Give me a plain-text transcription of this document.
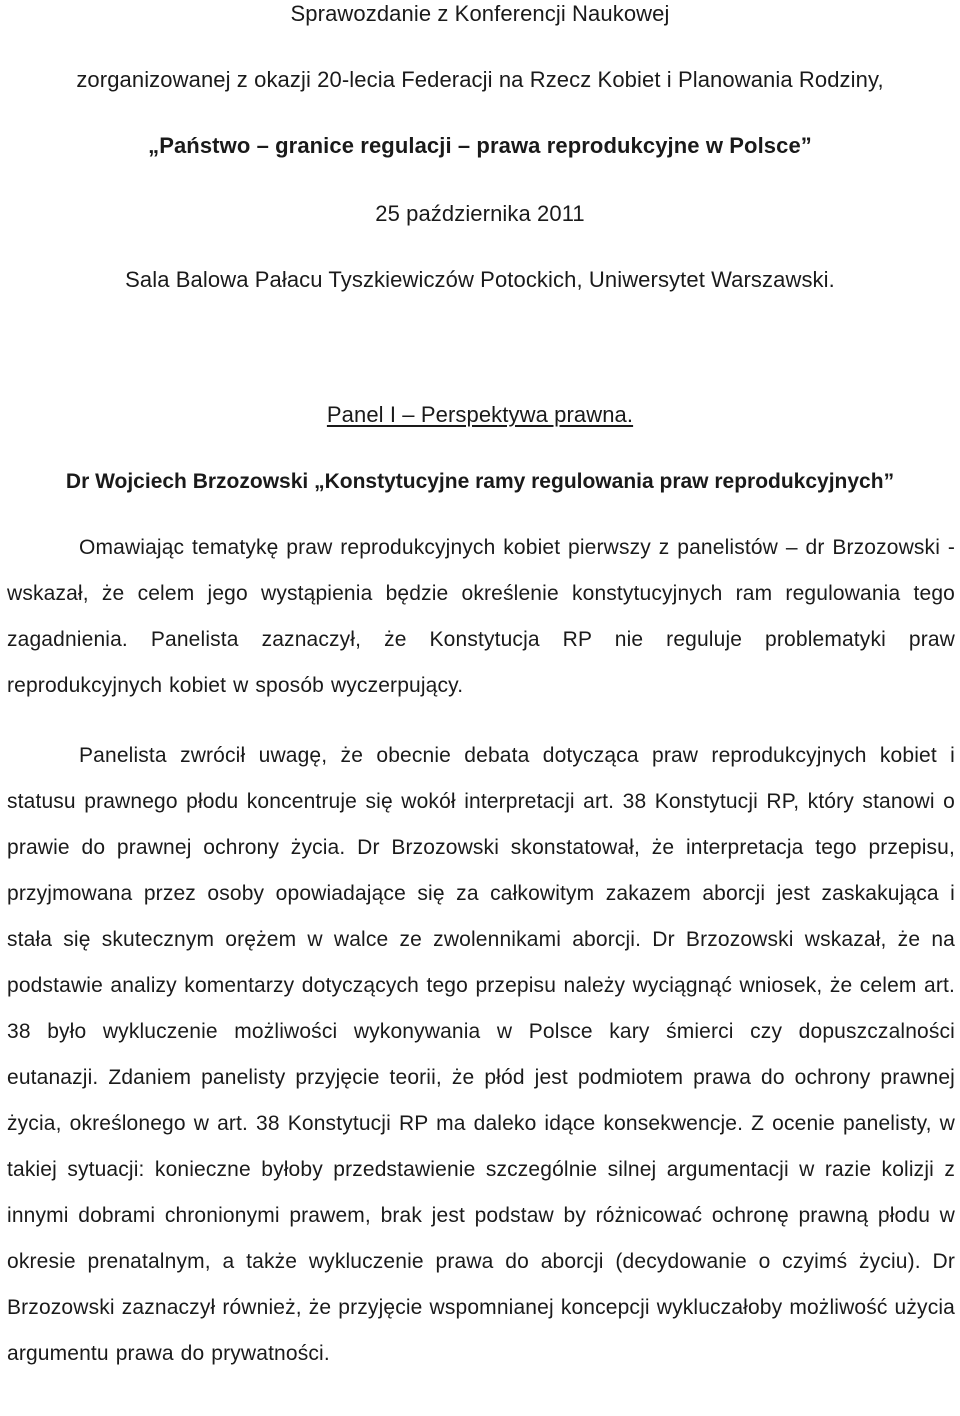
Sprawozdanie z Konferencji Naukowej
zorganizowanej z okazji 20-lecia Federacji na Rzecz Kobiet i Planowania Rodziny,
„Państwo – granice regulacji – prawa reprodukcyjne w Polsce”
25 października 2011
Sala Balowa Pałacu Tyszkiewiczów Potockich, Uniwersytet Warszawski.
Panel I – Perspektywa prawna.
Dr Wojciech Brzozowski „Konstytucyjne ramy regulowania praw reprodukcyjnych”
Omawiając tematykę praw reprodukcyjnych kobiet pierwszy z panelistów – dr Brzozowski -wskazał, że celem jego wystąpienia będzie określenie konstytucyjnych ram regulowania tego zagadnienia. Panelista zaznaczył, że Konstytucja RP nie reguluje problematyki praw reprodukcyjnych kobiet w sposób wyczerpujący.
Panelista zwrócił uwagę, że obecnie debata dotycząca praw reprodukcyjnych kobiet i statusu prawnego płodu koncentruje się wokół interpretacji art. 38 Konstytucji RP, który stanowi o prawie do prawnej ochrony życia. Dr Brzozowski skonstatował, że interpretacja tego przepisu, przyjmowana przez osoby opowiadające się za całkowitym zakazem aborcji jest zaskakująca i stała się skutecznym orężem w walce ze zwolennikami aborcji. Dr Brzozowski wskazał, że na podstawie analizy komentarzy dotyczących tego przepisu należy wyciągnąć wniosek, że celem art. 38 było wykluczenie możliwości wykonywania w Polsce kary śmierci czy dopuszczalności eutanazji. Zdaniem panelisty przyjęcie teorii, że płód jest podmiotem prawa do ochrony prawnej życia, określonego w art. 38 Konstytucji RP ma daleko idące konsekwencje. Z ocenie panelisty, w takiej sytuacji: konieczne byłoby przedstawienie szczególnie silnej argumentacji w razie kolizji z innymi dobrami chronionymi prawem, brak jest podstaw by różnicować ochronę prawną płodu w okresie prenatalnym, a także wykluczenie prawa do aborcji (decydowanie o czyimś życiu). Dr Brzozowski zaznaczył również, że przyjęcie wspomnianej koncepcji wykluczałoby możliwość użycia argumentu prawa do prywatności.
